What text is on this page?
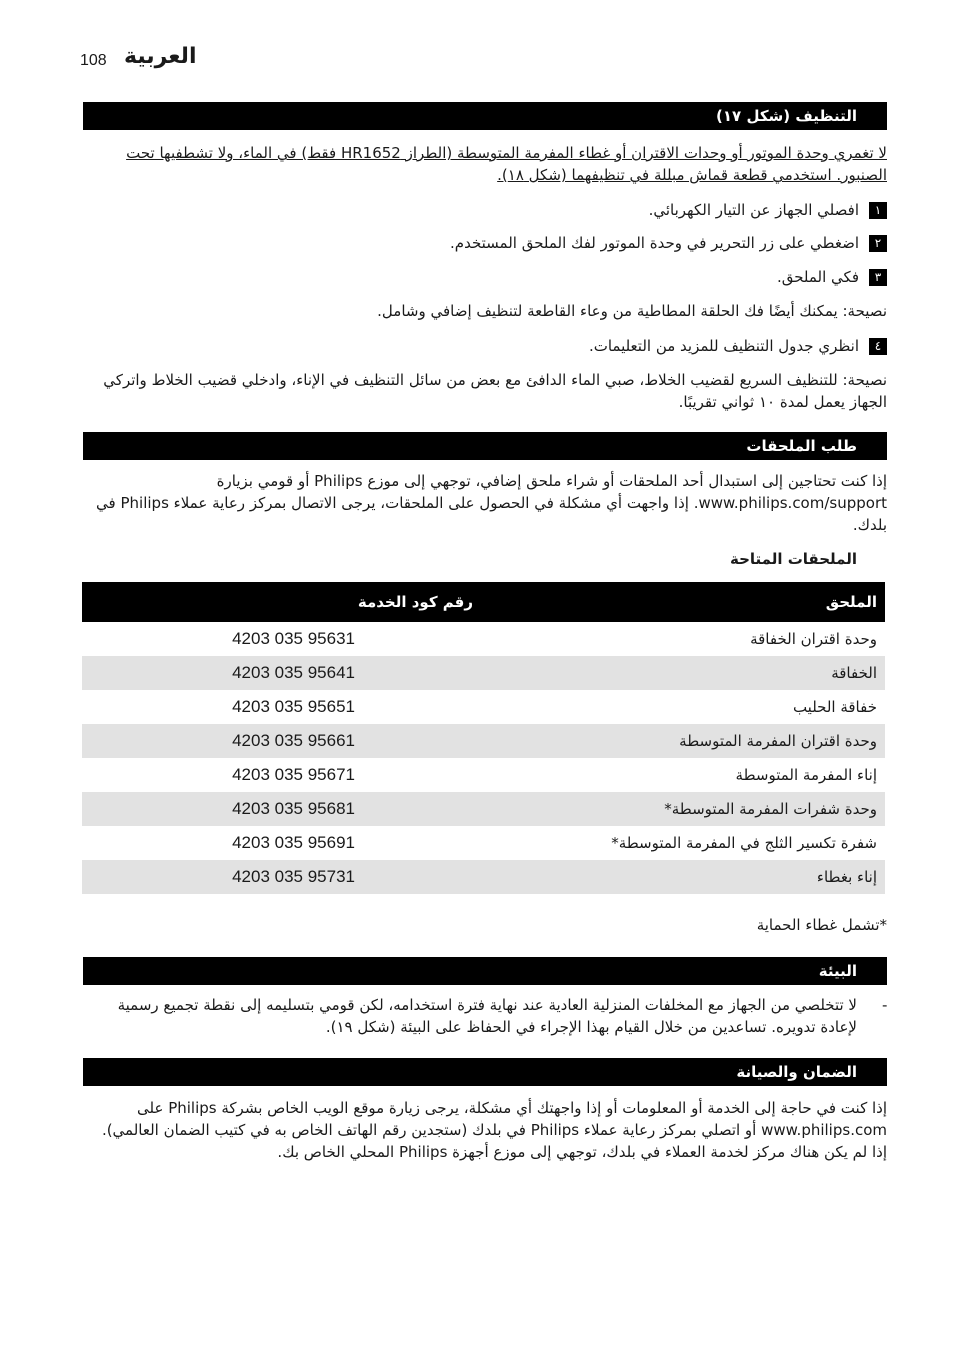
108 العربية
التنظيف (شكل ١٧)
لا تغمري وحدة الموتور أو وحدات الاقتران أو غطاء المفرمة المتوسطة (الطراز HR1652 فقط) في الماء، ولا تشطفيها تحت الصنبور. استخدمي قطعة قماش مبللة في تنظيفهما (شكل ١٨).
١افصلي الجهاز عن التيار الكهربائي.
٢اضغطي على زر التحرير في وحدة الموتور لفك الملحق المستخدم.
٣فكي الملحق.
نصيحة: يمكنك أيضًا فك الحلقة المطاطية من وعاء القاطعة لتنظيف إضافي وشامل.
٤انظري جدول التنظيف للمزيد من التعليمات.
نصيحة: للتنظيف السريع لقضيب الخلاط، صبي الماء الدافئ مع بعض من سائل التنظيف في الإناء، وادخلي قضيب الخلاط واتركي الجهاز يعمل لمدة ١٠ ثواني تقريبًا.
طلب الملحقات
إذا كنت تحتاجين إلى استبدال أحد الملحقات أو شراء ملحق إضافي، توجهي إلى موزع Philips أو قومي بزيارة www.philips.com/support. إذا واجهت أي مشكلة في الحصول على الملحقات، يرجى الاتصال بمركز رعاية عملاء Philips في بلدك.
الملحقات المتاحة
الملحق
رقم كود الخدمة
وحدة اقتران الخفاقة
4203 035 95631
الخفاقة
4203 035 95641
خفاقة الحليب
4203 035 95651
وحدة اقتران المفرمة المتوسطة
4203 035 95661
إناء المفرمة المتوسطة
4203 035 95671
وحدة شفرات المفرمة المتوسطة*
4203 035 95681
شفرة تكسير الثلج في المفرمة المتوسطة*
4203 035 95691
إناء بغطاء
4203 035 95731
*تشمل غطاء الحماية
البيئة
-
لا تتخلصي من الجهاز مع المخلفات المنزلية العادية عند نهاية فترة استخدامه، لكن قومي بتسليمه إلى نقطة تجميع رسمية لإعادة تدويره. تساعدين من خلال القيام بهذا الإجراء في الحفاظ على البيئة (شكل ١٩).
الضمان والصيانة
إذا كنت في حاجة إلى الخدمة أو المعلومات أو إذا واجهتك أي مشكلة، يرجى زيارة موقع الويب الخاص بشركة Philips على www.philips.com أو اتصلي بمركز رعاية عملاء Philips في بلدك (ستجدين رقم الهاتف الخاص به في كتيب الضمان العالمي). إذا لم يكن هناك مركز لخدمة العملاء في بلدك، توجهي إلى موزع أجهزة Philips المحلي الخاص بك.
